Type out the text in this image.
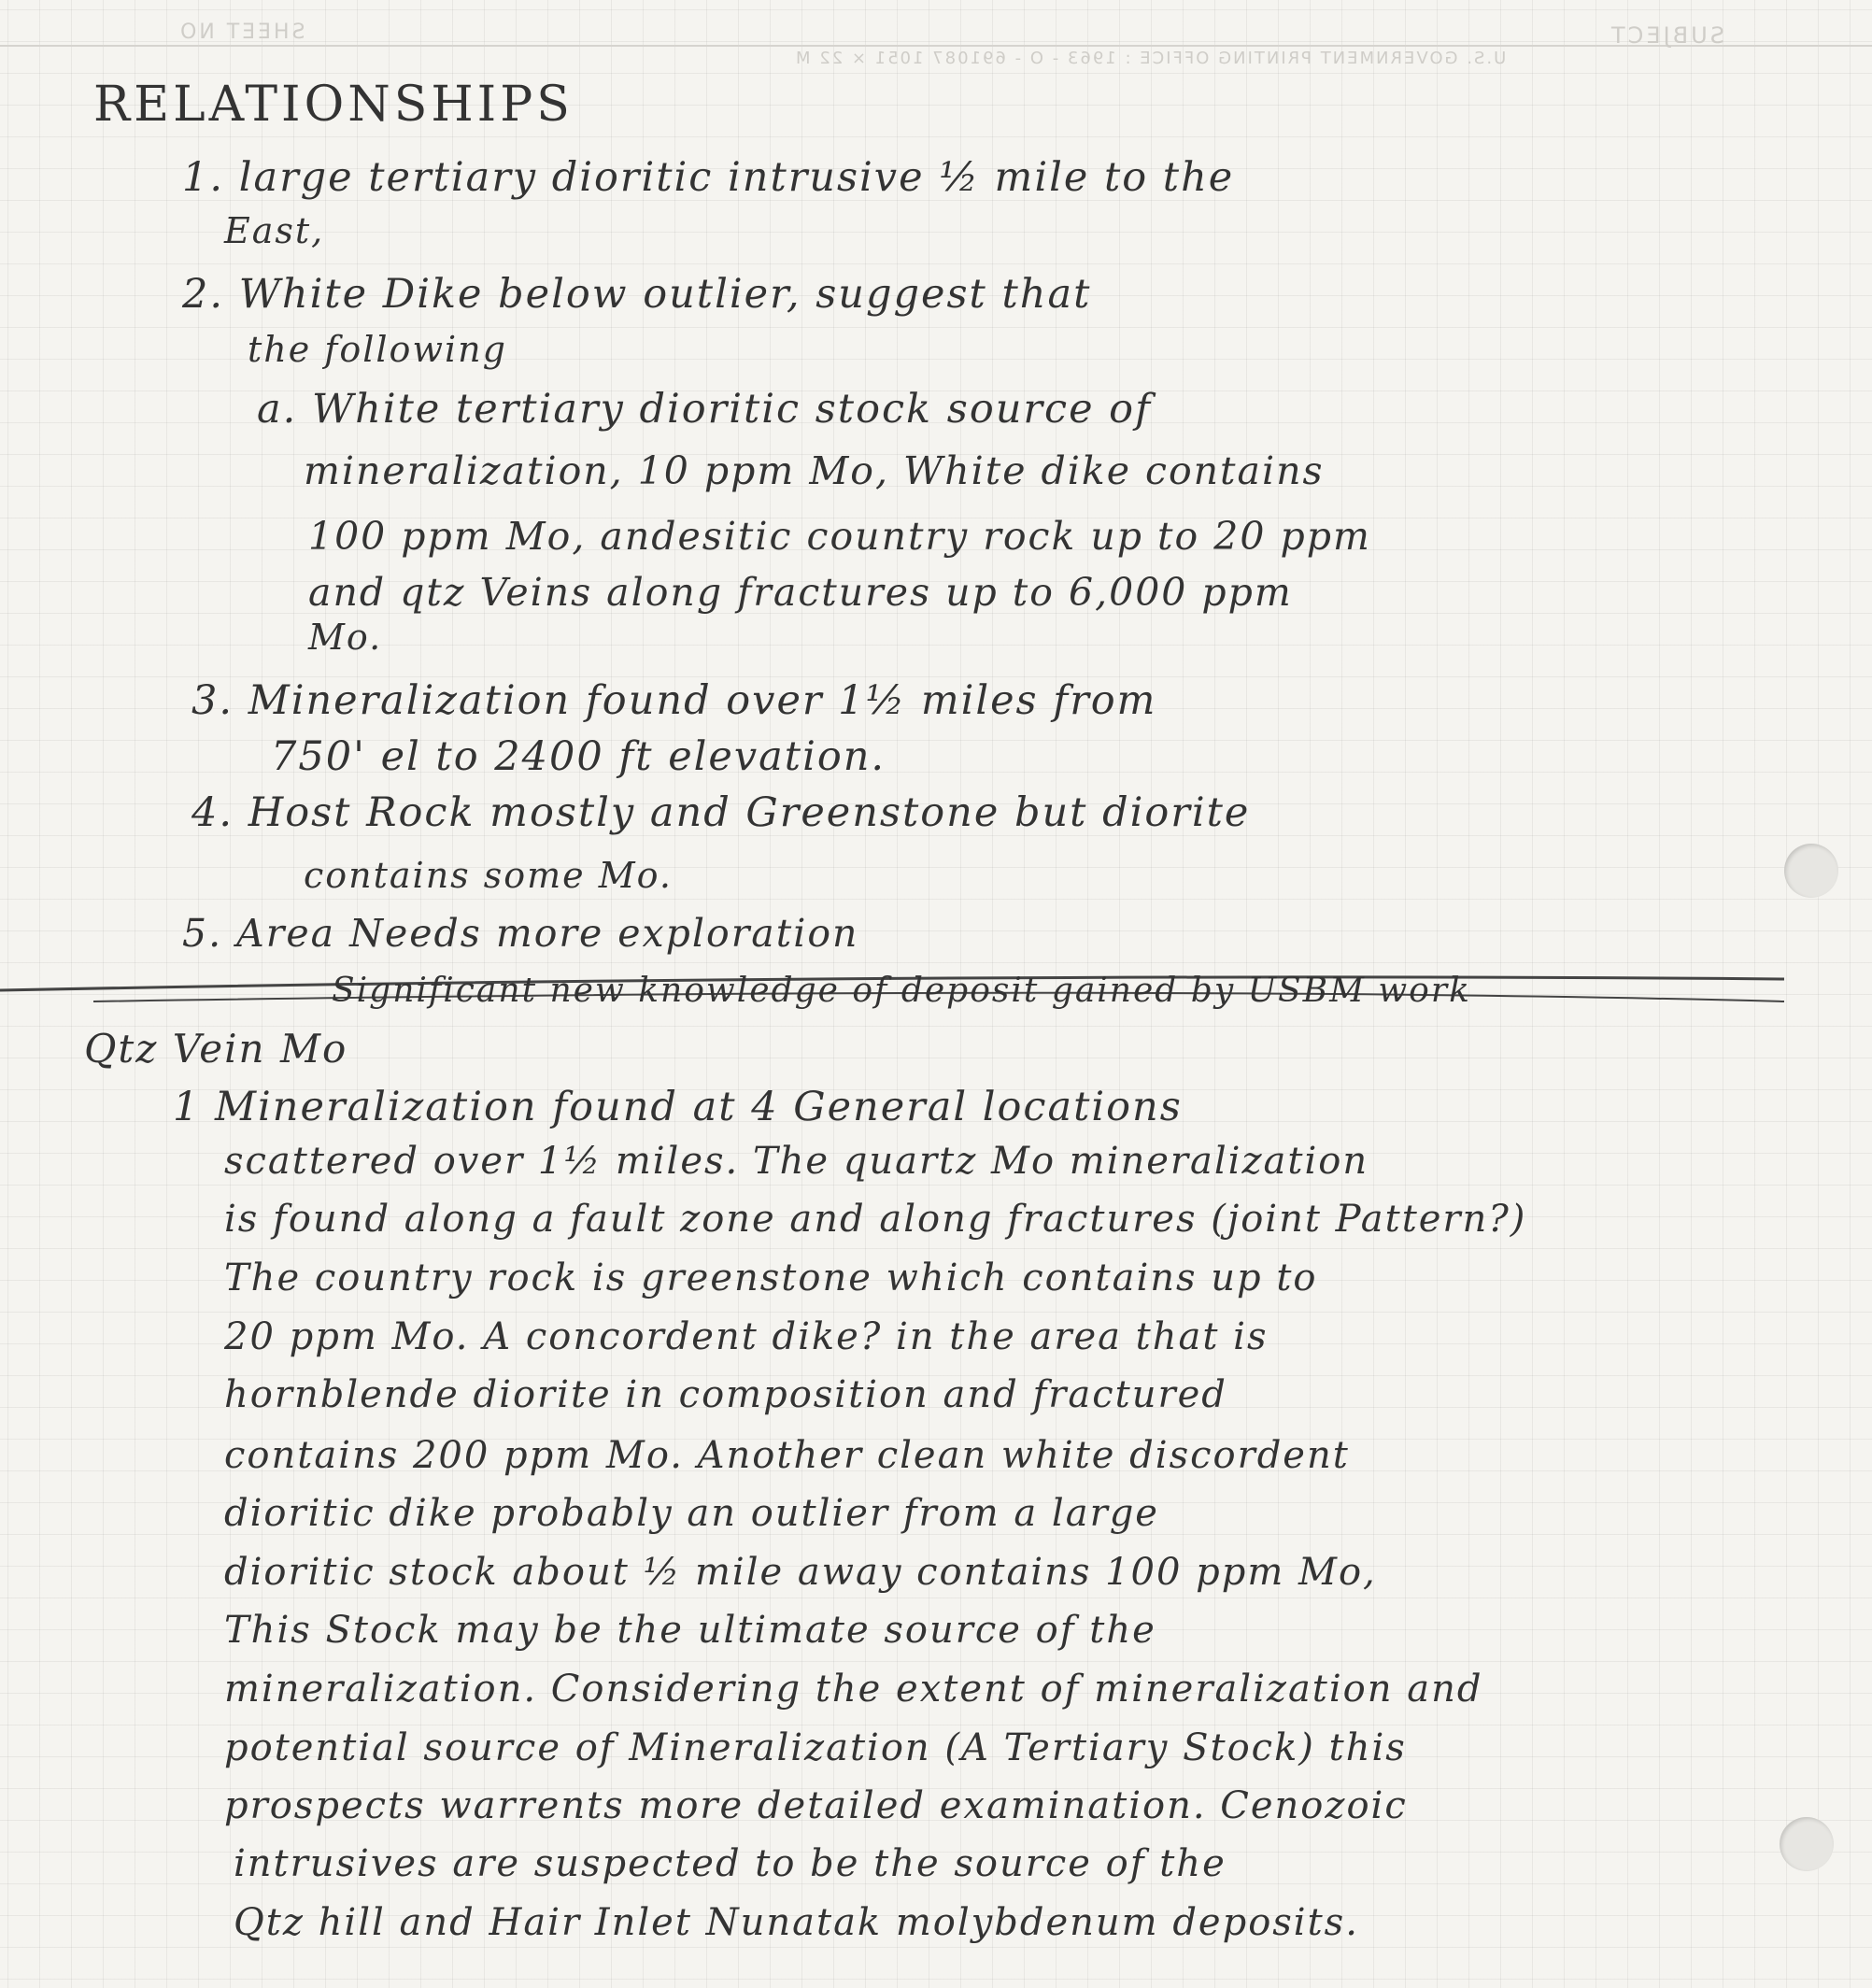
SHEET NO	SUBJECT
U.S. GOVERNMENT PRINTING OFFICE : 1963 - O - 691087 1051 × 22 M
RELATIONSHIPS
1. large tertiary dioritic intrusive ½ mile to the
East,
2. White Dike below outlier, suggest that
the following
a. White tertiary dioritic stock source of
mineralization, 10 ppm Mo, White dike contains
100 ppm Mo, andesitic country rock up to 20 ppm
and qtz Veins along fractures up to 6,000 ppm
Mo.
3. Mineralization found over 1½ miles from
750' el to 2400 ft elevation.
4. Host Rock mostly and Greenstone but diorite
contains some Mo.
5. Area Needs more exploration
Significant new knowledge of deposit gained by USBM work
Qtz Vein Mo
1 Mineralization found at 4 General locations
scattered over 1½ miles. The quartz Mo mineralization
is found along a fault zone and along fractures (joint Pattern?)
The country rock is greenstone which contains up to
20 ppm Mo. A concordent dike? in the area that is
hornblende diorite in composition and fractured
contains 200 ppm Mo. Another clean white discordent
dioritic dike probably an outlier from a large
dioritic stock about ½ mile away contains 100 ppm Mo,
This Stock may be the ultimate source of the
mineralization. Considering the extent of mineralization and
potential source of Mineralization (A Tertiary Stock) this
prospects warrents more detailed examination. Cenozoic
intrusives are suspected to be the source of the
Qtz hill and Hair Inlet Nunatak molybdenum deposits.
